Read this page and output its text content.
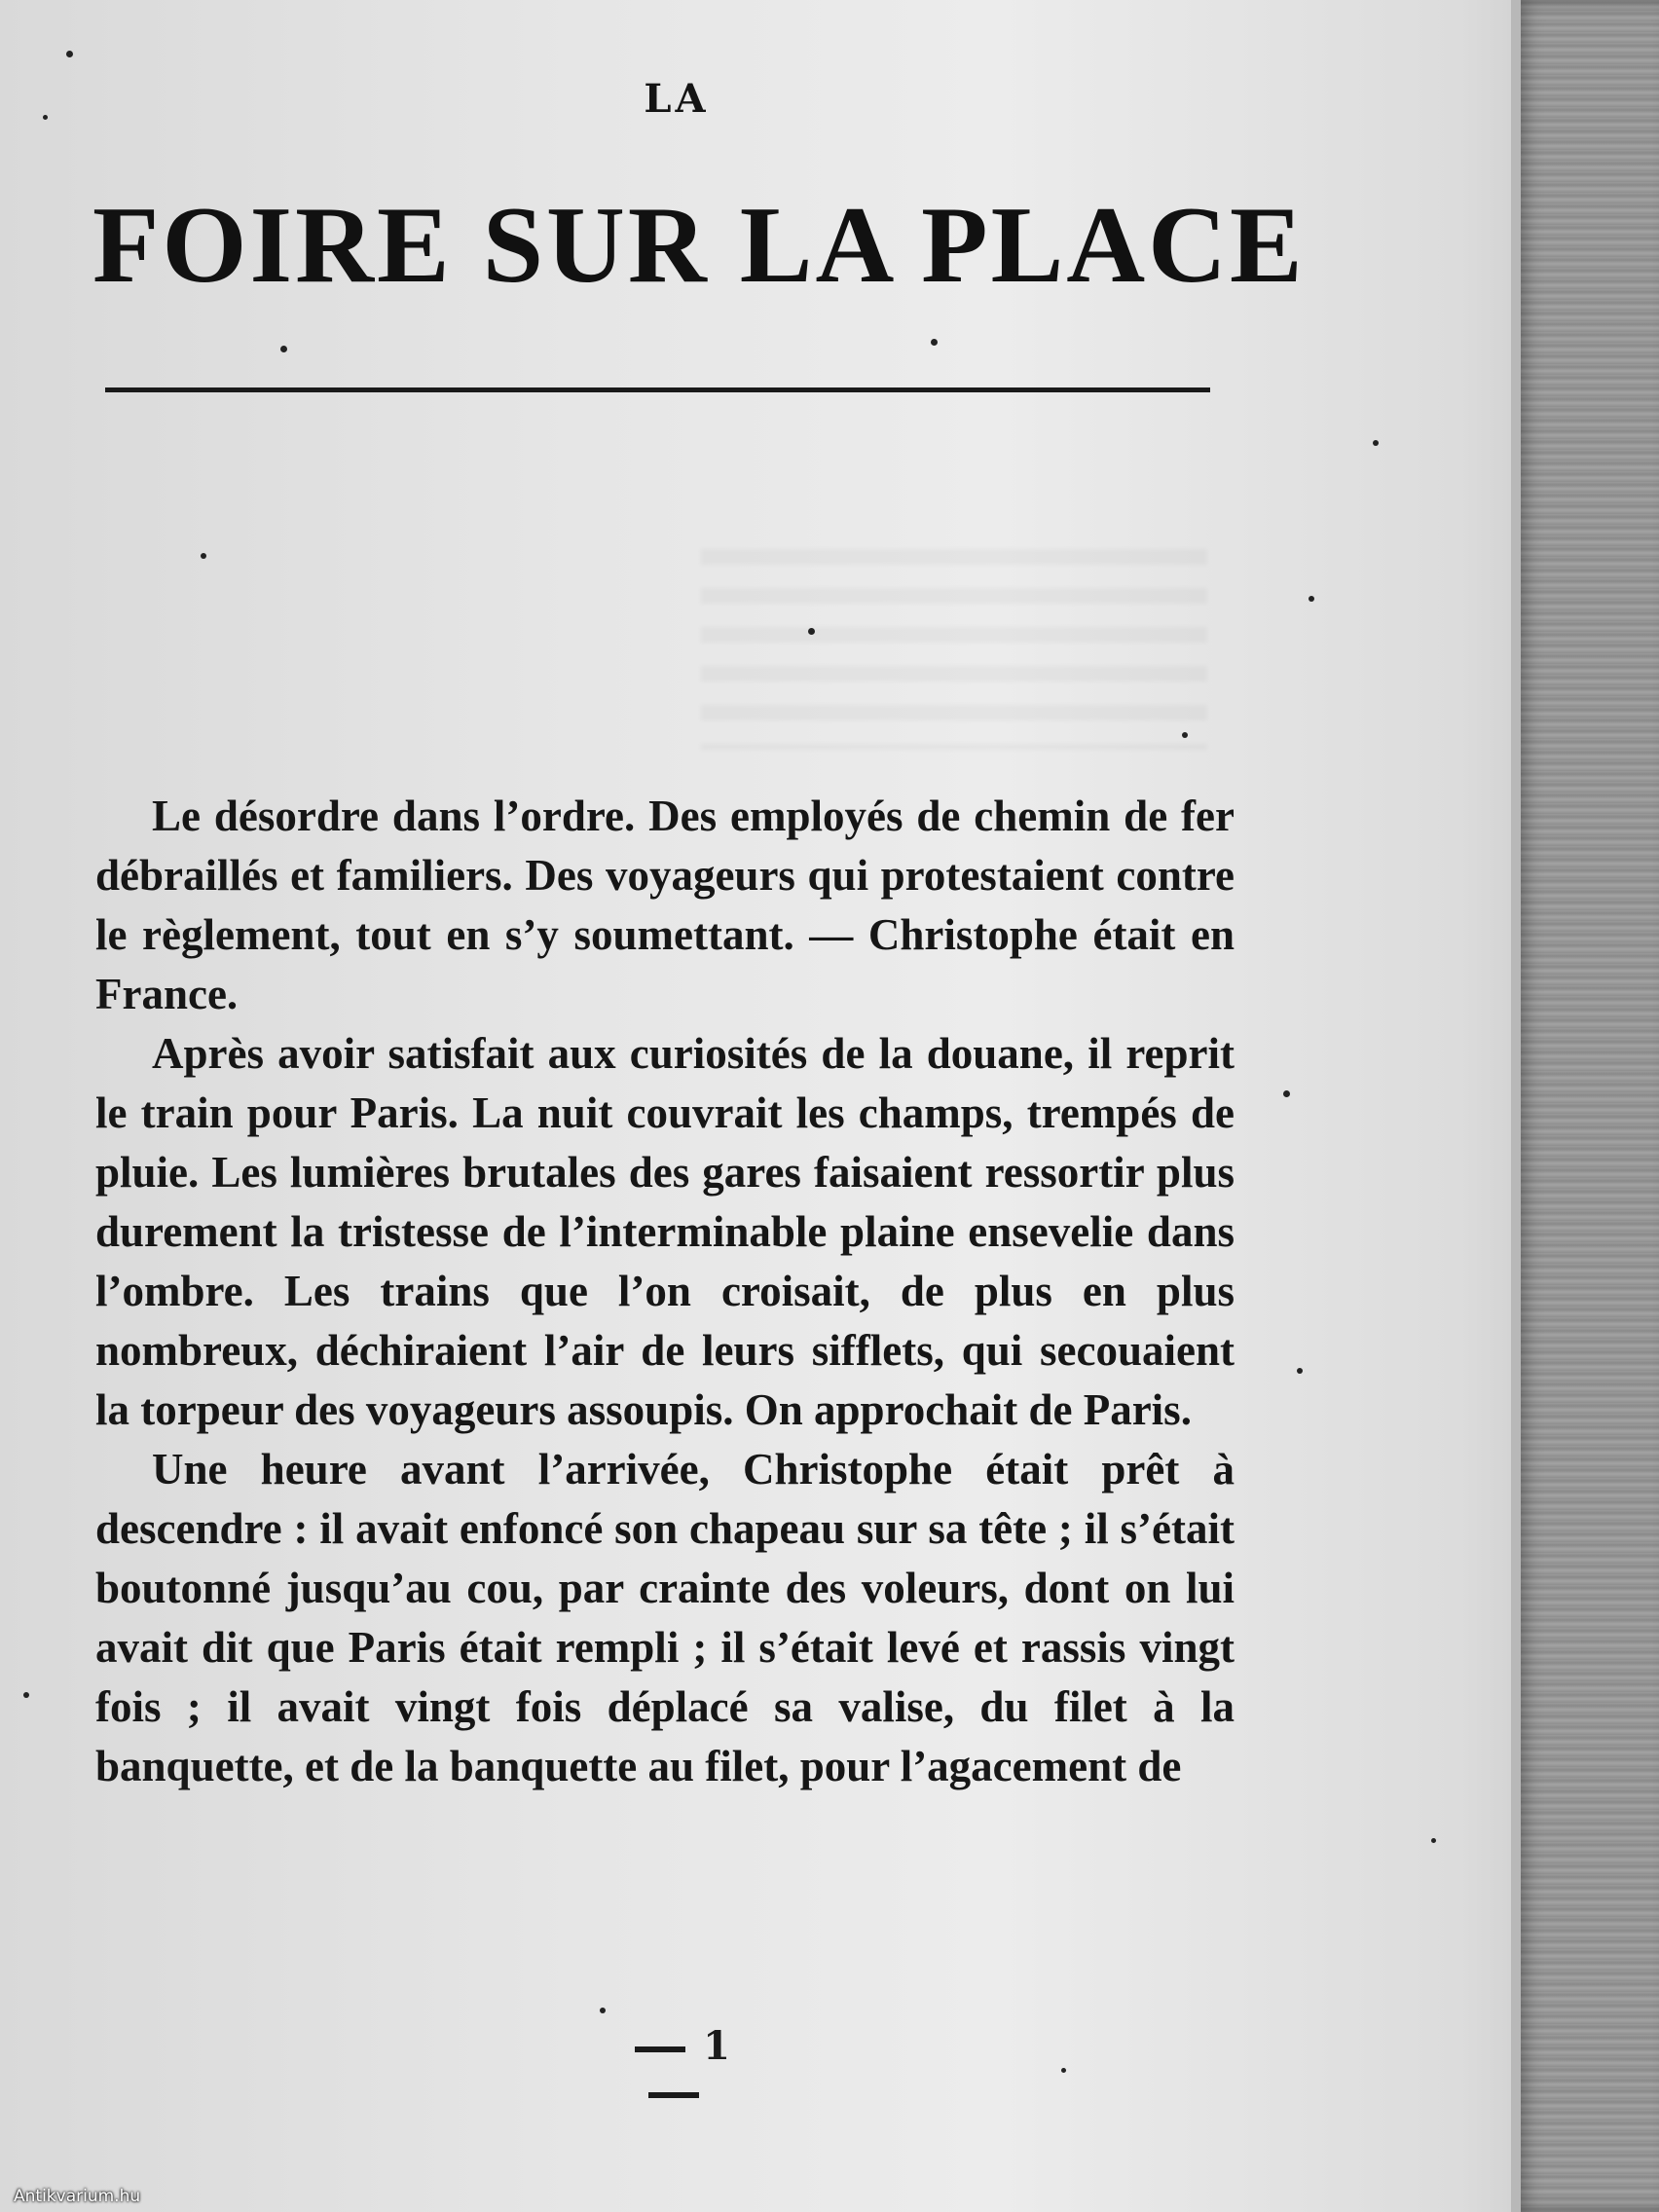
LA
FOIRE SUR LA PLACE

Le désordre dans l’ordre. Des employés de chemin de fer débraillés et familiers. Des voyageurs qui protestaient contre le règlement, tout en s’y soumettant. — Christophe était en France.

Après avoir satisfait aux curiosités de la douane, il reprit le train pour Paris. La nuit couvrait les champs, trempés de pluie. Les lumières brutales des gares faisaient ressortir plus durement la tristesse de l’interminable plaine ensevelie dans l’ombre. Les trains que l’on croisait, de plus en plus nombreux, déchiraient l’air de leurs sifflets, qui secouaient la torpeur des voyageurs assoupis. On approchait de Paris.

Une heure avant l’arrivée, Christophe était prêt à descendre : il avait enfoncé son chapeau sur sa tête ; il s’était boutonné jusqu’au cou, par crainte des voleurs, dont on lui avait dit que Paris était rempli ; il s’était levé et rassis vingt fois ; il avait vingt fois déplacé sa valise, du filet à la banquette, et de la banquette au filet, pour l’agacement de

1
Antikvarium.hu
